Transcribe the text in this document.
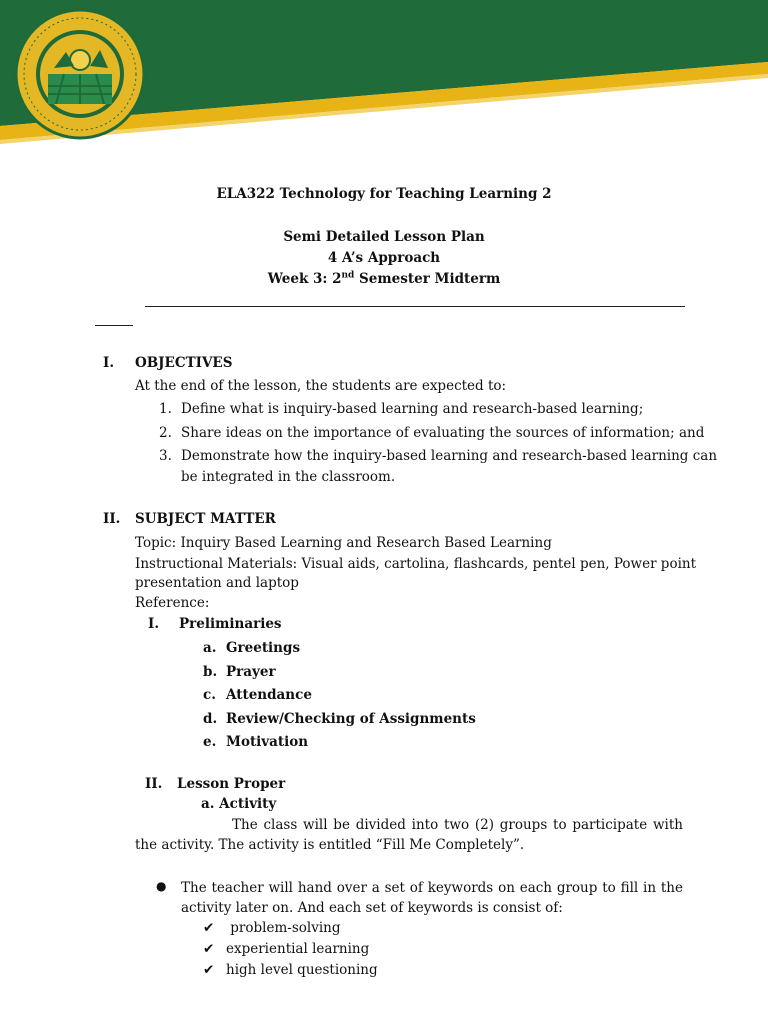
ELA322 Technology for Teaching Learning 2
Semi Detailed Lesson Plan
4 A’s Approach
Week 3: 2nd Semester Midterm
I. OBJECTIVES
At the end of the lesson, the students are expected to:
1. Define what is inquiry-based learning and research-based learning;
2. Share ideas on the importance of evaluating the sources of information; and
3. Demonstrate how the inquiry-based learning and research-based learning can
be integrated in the classroom.
II. SUBJECT MATTER
Topic: Inquiry Based Learning and Research Based Learning
Instructional Materials: Visual aids, cartolina, flashcards, pentel pen, Power point
presentation and laptop
Reference:
I. Preliminaries
a. Greetings
b. Prayer
c. Attendance
d. Review/Checking of Assignments
e. Motivation
II. Lesson Proper
a. Activity
The class will be divided into two (2) groups to participate with the activity. The activity is entitled “Fill Me Completely”.
● The teacher will hand over a set of keywords on each group to fill in the activity later on. And each set of keywords is consist of:
✔ problem-solving
✔ experiential learning
✔ high level questioning
